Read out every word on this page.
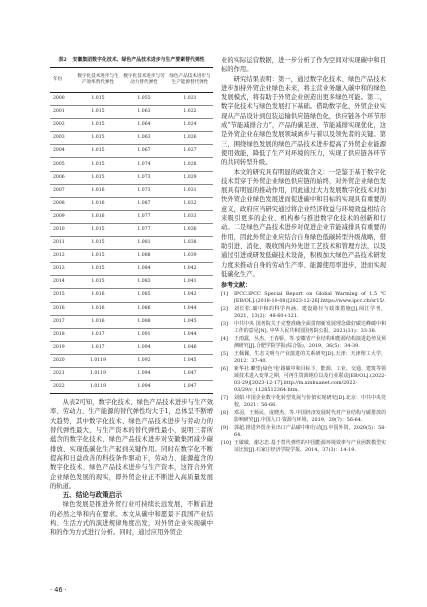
表2 安徽集团数字化技术、绿色产品技术进步与生产要素替代弹性
年份	数字化技术进步与生产效率替代弹性	数字化技术进步与劳动力替代弹性	绿色产品技术进步与生产能源替代弹性
2000	1.015	1.055	1.021
2001	1.015	1.063	1.022
2002	1.015	1.064	1.024
2003	1.015	1.063	1.026
2004	1.015	1.067	1.027
2005	1.015	1.074	1.028
2006	1.015	1.073	1.029
2007	1.016	1.073	1.031
2008	1.016	1.087	1.032
2009	1.016	1.077	1.033
2010	1.015	1.077	1.036
2011	1.015	1.081	1.038
2012	1.015	1.088	1.039
2013	1.015	1.084	1.042
2014	1.015	1.083	1.041
2015	1.016	1.085	1.042
2016	1.016	1.086	1.044
2017	1.016	1.088	1.045
2018	1.017	1.091	1.044
2019	1.017	1.094	1.046
2020	1.0119	1.092	1.045
2021	1.0119	1.094	1.047
2022	1.0119	1.094	1.047

从表2可知，数字化技术、绿色产品技术进步与生产效率、劳动力、生产能源的替代弹性均大于1，总体呈不断增大趋势，其中数字化技术、绿色产品技术进步与劳动力的替代弹性最大，与生产资本的替代弹性最小，说明三者所蕴含的数字化技术、绿色产品技术进步对安徽集团减少碳排放、实现低碳化生产起到关键作用。同时在数字化不断提高和日益改善的科技条件驱动下，劳动力、能源蕴含的数字化技术、绿色产品技术进步与生产资本，这符合外贸企业绿色发展的现实，即外贸企业正不断进入高质量发展的轨道。

五、结论与政策启示

绿色发展是推进外贸行业可持续长远发展，不断前进的必然之举和内在要求。本文从碳中和愿景下我国产业结构、生活方式的演进规律角度出发，对外贸企业实现碳中和的作为方式进行分析。同时，通过应用外贸企

业的实际运营数据，进一步分析了作为空间对实现碳中和目标的作用。

研究结果表明：第一，通过数字化技术、绿色产品技术进步加持外贸企业绿色未来，将主营业务融入碳中和的绿色发展模式，将有助于外贸企业创造出更多绿色可能。第二，数字化技术与绿色发展打下基础。借助数字化，外贸企业实现从产品设计到包装运输供应链绿色化，供应链各个环节形成“节能减排合力”，产品的碳足迹、节能减排实现优化，这是外贸企业在绿色发展领域离步与着以及领先者的关键。第三，围绕绿色发展的绿色产品技术进步提高了外贸企业能源使用效能，降低了生产对环境的压力，实现了供应链各环节的共同转型升级。

本文的研究具有明显的政策含义：一是鉴于基于数字化技术贯穿于外贸企业绿色供应链的始终，对外贸企业绿色发展具有明显的推动作用，因此通过大力发展数字化技术对加快外贸企业绿色发展进而促进碳中和目标的实现具有重要的意义，政府应当研究通过将企业经济收益与环境效益相结合来吸引更多的企业、机构参与推进数字化技术的创新和行动。二是绿色产品技术进步对促进企业节能减排具有重要的作用，因此外贸企业应结合自身绿色低碳转型升级战略，借助引进、消化、吸收国内外先进工艺技术和管理方法，以及通过引进或研发低碳技术设备，积极加大绿色产品技术研发力度来推动自身的劳动生产率、能源使用率进步，进而实现低碳化生产。

参考文献：
[1]	IPCC.IPCC Special Report on Global Warming of 1.5 ℃[EB/OL].(2018-10-08)[2023-12-26].https://www.ipcc.ch/sr15/.
[2]	刘长松.碳中和的科学内涵、建设路径与政策措施[J].阅江学刊，2021，13(2)：48-60+121.
[3]	中共中央 国务院关于完整准确全面贯彻新发展理念做好碳达峰碳中和工作的意见[N]. 中华人民共和国国务院公报，2021(31)：33-38.
[4]	王雨露，丛杰，王春娇，等.安徽省产业结构和能源结构演进趋势及预测研究[J].合肥学院学报(综合版)，2019，36(5)：34-39.
[5]	王佩佩，生态文明与产业演进的关系研究[D].天津：天津理工大学，2012：37-40.
[6]	新华社.瞭望|绿色'电'路碳中和目标下，能源、工业、交通、建筑等领域技术进入变革之期，可再生资源地位以及行业联动[EB/OL].(2022-03-29)[2023-12-17].http://m.xinhuanet.com/2022-03/29/c_1128512364.htm.
[7]	刘娟.中国企业数字化转型发展与价值实现研究[D].北京：中共中央党校，2021：56-66.
[8]	邓羽，王杨民，庞晓杰，等.中国经济发展时代对产业结构与碳排放的影响研究[J].中国人口·资源与环境，2019，29(7)：56-64.
[9]	郭超.推进外贸企业出口产品碳中和行动[J].中国外资，2020(5)：58-64.
[10] 王敏敏，谢志忠.基于替代弹性的中国能源环境效率与产业函数模型实证比较[J].石家庄经济学院学报，2014，37(3)：14-19.
· 46 ·
